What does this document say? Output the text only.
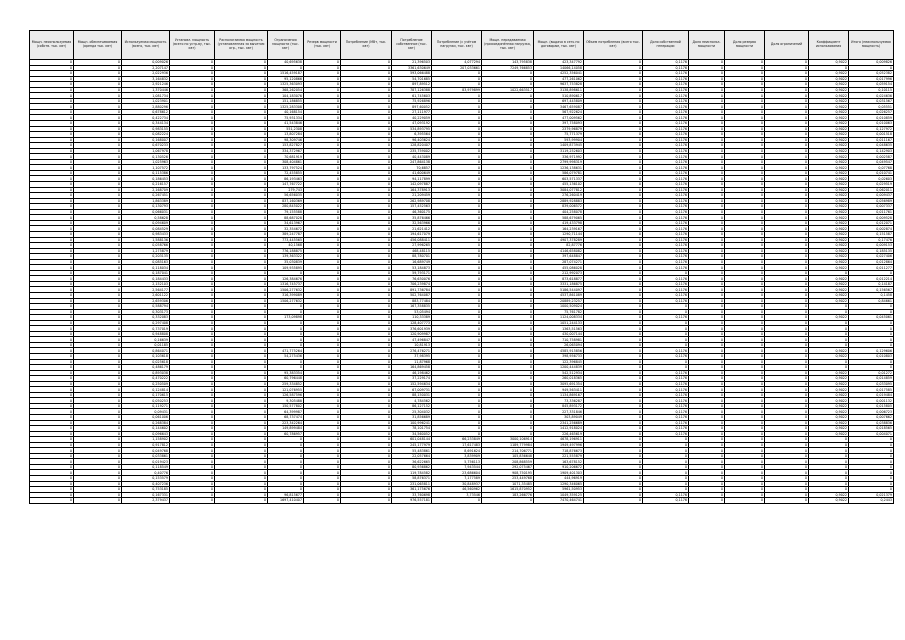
Мощн. неиспользуемая (собств. тыс. квт)	Мощн. обеспечиваемая (аренда тыс. квт)	Используемая мощность (всего, тыс. квт)	Установл. мощность (всего по устр-ву, тыс. квт)	Располагаемая мощность (установленная за вычетом огр., тыс. квт)	Ограничения мощности (тыс. квт)	Резерв мощности (тыс. квт)	Потребление (МВт, тыс. квт)	Потребление собственное (тыс. квт)	Потребление (с учётом нагрузки, тыс. квт)	Мощн. передаваемая (присоединённая нагрузка, тыс. квт)	Мощн. (выдача в сеть по договорам, тыс. квт)	Объем потребления (всего тыс. квт)	Доля собственной генерации	Доля неиспольз. мощности	Доля резерва мощности	Доля ограничений	Коэффициент использования	Итого (неиспользуемая мощность)
0	0	0,009026	0	0	40,695638	0	0	21,396503	4,077294	143,795838	423,347792	0	0,1176	0	0	0	0,9022	0,009826
0	0	2,207147	0	0	0	0	0	3361,630649	207,033661	7249,766853	14066,14058	0	0,1176	0	0	0	0	0
0	0	2,022936	0	0	1516,459187	0	0	593,066488	0	0	4252,356041	0	0,1176	0	0	0	0,9022	0,052382
0	0	3,164832	0	0	95,120866	0	0	54,701685	0	0	477,261062	0	0,1176	0	0	0	0,9022	0,017996
0	0	2,921246	0	0	1325,363093	0	0	897,89512	0	0	9637,753828	0	0,1176	0	0	0	0,9022	0,059154
0	0	1,370446	0	0	368,262054	0	0	787,126388	83,979899	1022,663517	3138,898611	0	0,1176	0	0	0	0,9022	0,10115
0	0	1,081734	0	0	104,183076	0	0	61,745603	0	0	510,890617	0	0,1176	0	0	0	0,9022	0,024636
0	0	1,023901	0	0	151,186855	0	0	75,926896	0	0	697,445809	0	0,1176	0	0	0	0,9022	0,031567
0	0	2,880296	0	0	1325,283308	0	0	897,60052	0	0	3467,659087	0	0,1176	0	0	0	0,9022	0,05551
0	0	0,678612	0	0	40,168154	0	0	27,111977	0	0	567,922624	0	0,1176	0	0	0	0,9022	0,026257
0	0	0,422734	0	0	75,931334	0	0	40,229059	0	0	477,009562	0	0,1176	0	0	0	0,9022	0,010859
0	0	0,344134	0	0	41,543846	0	0	47,093192	0	0	397,758093	0	0,1176	0	0	0	0,9022	0,010063
0	0	0,983155	0	0	551,2308	0	0	534,893795	0	0	2379,96879	0	0,1176	0	0	0	0,9022	0,127972
0	0	0,082224	0	0	13,807284	0	0	6,395564	0	0	75,771379	0	0,1176	0	0	0	0,9022	0,001518
0	0	0,168007	0	0	98,309746	0	0	96,403624	0	0	593,99904	0	0,1176	0	0	0	0,9022	0,011167
0	0	0,670233	0	0	153,827827	0	0	128,820407	0	0	1409,873945	0	0,1176	0	0	0	0,9022	0,048635
0	0	1,067978	0	0	334,372967	0	0	235,759002	0	0	3119,252603	0	0,1176	0	0	0	0,9022	0,142903
0	0	0,130526	0	0	70,681919	0	0	40,443089	0	0	336,971992	0	0,1176	0	0	0	0,9022	0,002587
0	0	1,025963	0	0	308,404861	0	0	247,864138	0	0	2799,998319	0	0,1176	0	0	0	0,9022	0,049547
0	0	1,107572	0	0	133,797524	0	0	70,6857	0	0	1236,138631	0	0,1176	0	0	0	0,9022	0,07768
0	0	0,115386	0	0	72,455855	0	0	41,600649	0	0	586,079781	0	0,1176	0	0	0	0,9022	0,010741
0	0	0,186453	0	0	86,193463	0	0	94,117899	0	0	603,571337	0	0,1176	0	0	0	0,9022	0,02603
0	0	0,216157	0	0	147,767722	0	0	142,097887	0	0	455,136102	0	0,1176	0	0	0	0,9022	0,029519
0	0	2,168709	0	0	279,743	0	0	164,378913	0	0	3084,077812	0	0,1176	0	0	0	0,9022	0,062011
0	0	0,267451	0	0	56,656035	0	0	21,209459	0	0	276,260419	0	0,1176	0	0	0	0,9022	0,009437
0	0	1,863389	0	0	837,160369	0	0	262,989708	0	0	2889,928883	0	0,1176	0	0	0	0,9022	0,056989
0	0	0,130793	0	0	280,845022	0	0	157,452563	0	0	839,006572	0	0,1176	0	0	0	0,9022	0,007337
0	0	0,066031	0	0	79,155588	0	0	46,360175	0	0	404,258078	0	0,1176	0	0	0	0,9022	0,011761
0	0	0,58628	0	0	88,687028	0	0	35,876466	0	0	588,679065	0	0,1176	0	0	0	0,9022	0,009528
0	0	0,094609	0	0	34,613967	0	0	32,563966	0	0	419,433798	0	0,1176	0	0	0	0,9022	0,012071
0	0	0,084529	0	0	32,354672	0	0	21,621412	0	0	164,239167	0	0,1176	0	0	0	0,9022	0,002874
0	0	0,983433	0	0	389,247787	0	0	194,617079	0	0	1290,71144	0	0,1176	0	0	0	0,9022	0,151587
0	0	1,588136	0	0	773,445565	0	0	456,088411	0	0	4907,378289	0	0,1176	0	0	0	0,9022	0,17476
0	0	0,058766	0	0	40,1568	0	0	27,996265	0	0	82,87776	0	0,1176	0	0	0	0,9022	0,009153
0	0	1,275879	0	0	776,188875	0	0	468,48115	0	0	4146,658082	0	0,1176	0	0	0	0,9022	0,185135
0	0	0,203135	0	0	139,363322	0	0	88,780701	0	0	397,648847	0	0,1176	0	0	0	0,9022	0,027406
0	0	0,085163	0	0	35,030839	0	0	16,689749	0	0	287,074271	0	0,1176	0	0	0	0,9022	0,012864
0	0	0,118034	0	0	109,935895	0	0	53,184873	0	0	455,086028	0	0,1176	0	0	0	0,9022	0,011277
0	0	0,187041	0	0	0	0	0	59,793171	0	0	212,992073	0	0	0	0	0	0	0
0	0	0,184433	0	0	126,384676	0	0	76,630076	0	0	873,618877	0	0,1176	0	0	0	0,9022	0,012214
0	0	2,152103	0	0	1316,745737	0	0	706,239874	0	0	3331,186875	0	0,1176	0	0	0	0,9022	0,14187
0	0	2,564177	0	0	1506,277632	0	0	891,736784	0	0	5186,544097	0	0,1176	0	0	0	0,9022	0,156567
0	0	2,601122	0	0	316,399089	0	0	502,764087	0	0	4537,861089	0	0,1176	0	0	0	0,9022	0,1458
0	0	2,659306	0	0	1506,277632	0	0	883,77484	0	0	20889,23257	0	0,1176	0	0	0	0,9022	0,84661
0	0	0,588794	0	0	0	0	0	167,358835	0	0	1000,509024	0	0	0	0	0	0	0
0	0	0,303173	0	0	0	0	0	53,05494	0	0	75,761782	0	0	0	0	0	0	0
0	0	0,332083	0	0	173,09898	0	0	110,33389	0	0	1124,008334	0	0,1176	0	0	0	0,9022	0,045061
0	0	0,297408	0	0	0	0	0	128,407773	0	0	1051,244133	0	0	0	0	0	0	0
0	0	0,737019	0	0	0	0	0	376,601939	0	0	1363,51563	0	0	0	0	0	0	0
0	0	0,948808	0	0	0	0	0	120,909987	0	0	430,007144	0	0	0	0	0	0	0
0	0	0,16639	0	0	0	0	0	47,496847	0	0	710,758981	0	0	0	0	0	0	0
0	0	0,01185	0	0	0	0	0	10,81913	0	0	26,065094	0	0	0	0	0	0	0
0	0	0,864071	0	0	471,775264	0	0	276,476271	0	0	4585,915856	0	0,1176	0	0	0	0,9022	0,129606
0	0	0,103618	0	0	54,275436	0	0	37,98395	0	0	398,956733	0	0,1176	0	0	0	0,9022	0,010803
0	0	0,025618	0	0	0	0	0	11,87968	0	0	122,396845	0	0	0	0	0	0	0
0	0	0,486179	0	0	0	0	0	164,869458	0	0	1200,444839	0	0	0	0	0	0	0
0	0	0,893038	0	0	95,383354	0	0	46,198462	0	0	542,512934	0	0,1176	0	0	0	0,9022	0,01272
0	0	0,470222	0	0	60,796448	0	0	37,229174	0	0	260,018365	0	0,1176	0	0	0	0,9022	0,014859
0	0	0,250509	0	0	259,334852	0	0	152,594634	0	0	3095,691354	0	0,1176	0	0	0	0,9022	0,033095
0	0	0,124814	0	0	121,076955	0	0	67,009731	0	0	949,563411	0	0,1176	0	0	0	0,9022	0,017585
0	0	0,170615	0	0	126,587596	0	0	88,150031	0	0	1134,869167	0	0,1176	0	0	0	0,9022	0,019484
0	0	0,050253	0	0	9,305488	0	0	4,784562	0	0	73,336287	0	0,1176	0	0	0	0,9022	0,001132
0	0	0,119271	0	0	150,577802	0	0	86,127152	0	0	845,893172	0	0,1176	0	0	0	0,9022	0,015805
0	0	0,09431	0	0	64,399987	0	0	25,304032	0	0	227,331846	0	0,1176	0	0	0	0,9022	0,006723
0	0	0,061006	0	0	68,737474	0	0	31,856689	0	0	303,89049	0	0,1176	0	0	0	0,9022	0,007662
0	0	0,268384	0	0	223,342264	0	0	100,996241	0	0	2341,256689	0	0,1176	0	0	0	0,9022	0,038836
0	0	0,144602	0	0	149,899484	0	0	78,101754	0	0	1412,918024	0	0,1176	0	0	0	0,9022	0,018565
0	0	0,096643	0	0	60,786957	0	0	34,560052	0	0	226,465619	0	0,1176	0	0	0	0,9022	0,004071
0	0	1,158902	0	0	0	0	0	601,048144	66,233849	3000,106914	4678,196911	0	0	0	0	0	0	0
0	0	0,917812	0	0	0	0	0	245,177979	17,617483	1189,779984	1949,497996	0	0	0	0	0	0	0
0	0	0,049768	0	0	0	0	0	55,483861	8,691624	214,706771	718,876673	0	0	0	0	0	0	0
0	0	0,033861	0	0	0	0	0	22,057664	3,839909	105,836648	221,555879	0	0	0	0	0	0	0
0	0	0,019423	0	0	0	0	0	36,622665	5,756113	208,868559	163,678152	0	0	0	0	0	0	0
0	0	0,118549	0	0	0	0	0	80,936862	7,943544	292,075467	910,206672	0	0	0	0	0	0	0
0	0	0,40776	0	0	0	0	0	119,784582	23,686604	908,750195	1909,401303	0	0	0	0	0	0	0
0	0	0,153579	0	0	0	0	0	58,876371	7,177589	253,449768	444,96919	0	0	0	0	0	0	0
0	0	0,407236	0	0	0	0	0	231,065811	30,848937	1071,35485	1290,346065	0	0	0	0	0	0	0
0	0	0,753185	0	0	0	0	0	361,175676	46,560962	1615,870952	5961,50953	0	0	0	0	0	0	0
0	0	0,167331	0	0	96,815677	0	0	33,760698	3,73546	183,266776	1049,359125	0	0,1176	0	0	0	0,9022	0,021379
0	0	2,379437	0	0	1697,410407	0	0	976,557181	0	0	7470,464741	0	0,1176	0	0	0	0,9022	0,2443
